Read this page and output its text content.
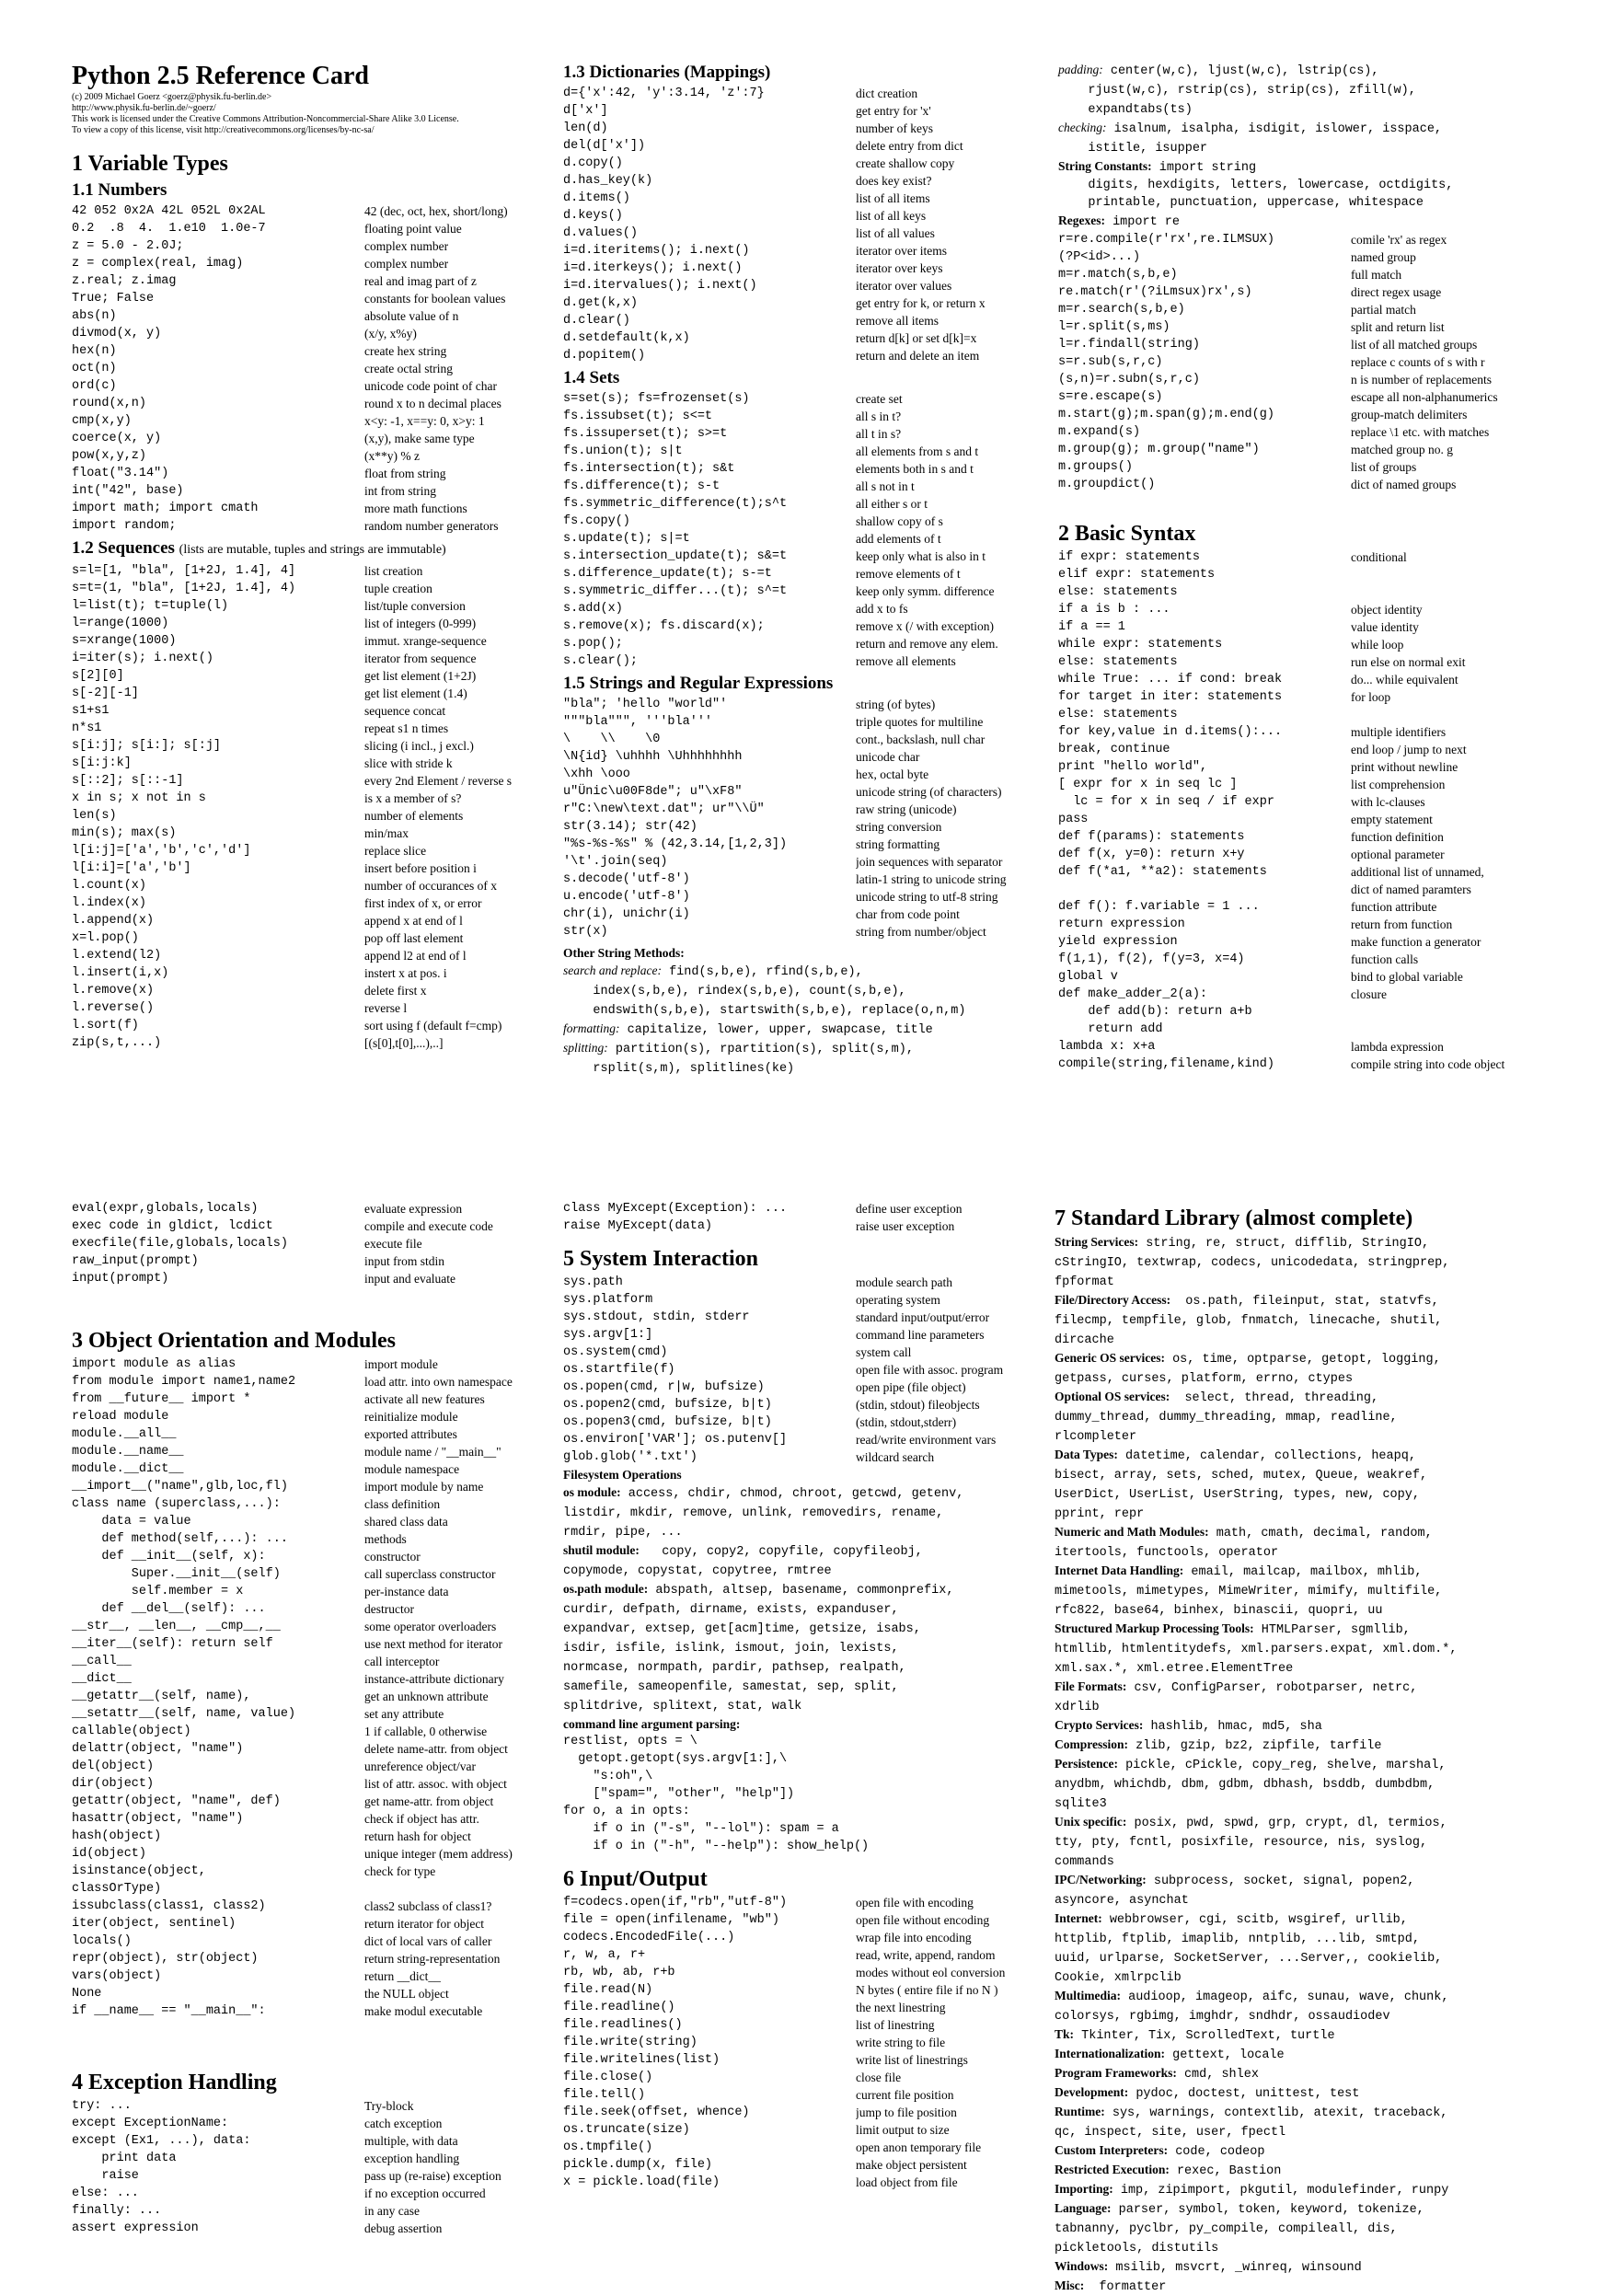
Python 2.5 Reference Card
(c) 2009 Michael Goerz <goerz@physik.fu-berlin.de>
http://www.physik.fu-berlin.de/~goerz/
This work is licensed under the Creative Commons Attribution-Noncommercial-Share Alike 3.0 License.
To view a copy of this license, visit http://creativecommons.org/licenses/by-nc-sa/
1 Variable Types
1.1 Numbers
42 052 0x2A 42L 052L 0x2AL	42 (dec, oct, hex, short/long)
0.2  .8  4.  1.e10  1.0e-7	floating point value
z = 5.0 - 2.0J;	complex number
z = complex(real, imag)	complex number
z.real; z.imag	real and imag part of z
True; False	constants for boolean values
abs(n)	absolute value of n
divmod(x, y)	(x/y, x%y)
hex(n)	create hex string
oct(n)	create octal string
ord(c)	unicode code point of char
round(x,n)	round x to n decimal places
cmp(x,y)	x<y: -1, x==y: 0, x>y: 1
coerce(x, y)	(x,y), make same type
pow(x,y,z)	(x**y) % z
float("3.14")	float from string
int("42", base)	int from string
import math; import cmath	more math functions
import random;	random number generators
1.2 Sequences (lists are mutable, tuples and strings are immutable)
s=l=[1, "bla", [1+2J, 1.4], 4]	list creation
s=t=(1, "bla", [1+2J, 1.4], 4)	tuple creation
l=list(t); t=tuple(l)	list/tuple conversion
l=range(1000)	list of integers (0-999)
s=xrange(1000)	immut. xrange-sequence
i=iter(s); i.next()	iterator from sequence
s[2][0]	get list element (1+2J)
s[-2][-1]	get list element (1.4)
s1+s1	sequence concat
n*s1	repeat s1 n times
s[i:j]; s[i:]; s[:j]	slicing (i incl., j excl.)
s[i:j:k]	slice with stride k
s[::2]; s[::-1]	every 2nd Element / reverse s
x in s; x not in s	is x a member of s?
len(s)	number of elements
min(s); max(s)	min/max
l[i:j]=['a','b','c','d']	replace slice
l[i:i]=['a','b']	insert before position i
l.count(x)	number of occurances of x
l.index(x)	first index of x, or error
l.append(x)	append x at end of l
x=l.pop()	pop off last element
l.extend(l2)	append l2 at end of l
l.insert(i,x)	instert x at pos. i
l.remove(x)	delete first x
l.reverse()	reverse l
l.sort(f)	sort using f (default f=cmp)
zip(s,t,...)	[(s[0],t[0],...),..]
1.3 Dictionaries (Mappings)
d={'x':42, 'y':3.14, 'z':7}	dict creation
d['x']	get entry for 'x'
len(d)	number of keys
del(d['x'])	delete entry from dict
d.copy()	create shallow copy
d.has_key(k)	does key exist?
d.items()	list of all items
d.keys()	list of all keys
d.values()	list of all values
i=d.iteritems(); i.next()	iterator over items
i=d.iterkeys(); i.next()	iterator over keys
i=d.itervalues(); i.next()	iterator over values
d.get(k,x)	get entry for k, or return x
d.clear()	remove all items
d.setdefault(k,x)	return d[k] or set d[k]=x
d.popitem()	return and delete an item
1.4 Sets
s=set(s); fs=frozenset(s)	create set
fs.issubset(t); s<=t	all s in t?
fs.issuperset(t); s>=t	all t in s?
fs.union(t); s|t	all elements from s and t
fs.intersection(t); s&t	elements both in s and t
fs.difference(t); s-t	all s not in t
fs.symmetric_difference(t);s^t	all either s or t
fs.copy()	shallow copy of s
s.update(t); s|=t	add elements of t
s.intersection_update(t); s&=t	keep only what is also in t
s.difference_update(t); s-=t	remove elements of t
s.symmetric_differ...(t); s^=t	keep only symm. difference
s.add(x)	add x to fs
s.remove(x); fs.discard(x);	remove x (/ with exception)
s.pop();	return and remove any elem.
s.clear();	remove all elements
1.5 Strings and Regular Expressions
"bla"; 'hello "world"'	string (of bytes)
"""bla""", '''bla'''	triple quotes for multiline
\    \\    \0	cont., backslash, null char
\N{id} \uhhhh \Uhhhhhhhh	unicode char
\xhh \ooo	hex, octal byte
u"Ünic\u00F8de"; u"\xF8"	unicode string (of characters)
r"C:\new\text.dat"; ur"\\Ü"	raw string (unicode)
str(3.14); str(42)	string conversion
"%s-%s-%s" % (42,3.14,[1,2,3])	string formatting
'\t'.join(seq)	join sequences with separator
s.decode('utf-8')	latin-1 string to unicode string
u.encode('utf-8')	unicode string to utf-8 string
chr(i), unichr(i)	char from code point
str(x)	string from number/object
Other String Methods:
search and replace: find(s,b,e), rfind(s,b,e),
index(s,b,e), rindex(s,b,e), count(s,b,e),
endswith(s,b,e), startswith(s,b,e), replace(o,n,m)
formatting: capitalize, lower, upper, swapcase, title
splitting: partition(s), rpartition(s), split(s,m),
rsplit(s,m), splitlines(ke)
padding: center(w,c), ljust(w,c), lstrip(cs),
rjust(w,c), rstrip(cs), strip(cs), zfill(w),
expandtabs(ts)
checking: isalnum, isalpha, isdigit, islower, isspace,
istitle, isupper
String Constants: import string
digits, hexdigits, letters, lowercase, octdigits,
printable, punctuation, uppercase, whitespace
Regexes: import re
r=re.compile(r'rx',re.ILMSUX)	comile 'rx' as regex
(?P<id>...)	named group
m=r.match(s,b,e)	full match
re.match(r'(?iLmsux)rx',s)	direct regex usage
m=r.search(s,b,e)	partial match
l=r.split(s,ms)	split and return list
l=r.findall(string)	list of all matched groups
s=r.sub(s,r,c)	replace c counts of s with r
(s,n)=r.subn(s,r,c)	n is number of replacements
s=re.escape(s)	escape all non-alphanumerics
m.start(g);m.span(g);m.end(g)	group-match delimiters
m.expand(s)	replace \1 etc. with matches
m.group(g); m.group("name")	matched group no. g
m.groups()	list of groups
m.groupdict()	dict of named groups
2 Basic Syntax
if expr: statements	conditional
elif expr: statements
else: statements
if a is b : ...	object identity
if a == 1	value identity
while expr: statements	while loop
else: statements	run else on normal exit
while True: ... if cond: break	do... while equivalent
for target in iter: statements	for loop
else: statements
for key,value in d.items():...	multiple identifiers
break, continue	end loop / jump to next
print "hello world",	print without newline
[ expr for x in seq lc ]	list comprehension
lc = for x in seq / if expr	with lc-clauses
pass	empty statement
def f(params): statements	function definition
def f(x, y=0): return x+y	optional parameter
def f(*a1, **a2): statements	additional list of unnamed,
dict of named paramters
def f(): f.variable = 1 ...	function attribute
return expression	return from function
yield expression	make function a generator
f(1,1), f(2), f(y=3, x=4)	function calls
global v	bind to global variable
def make_adder_2(a):	closure
def add(b): return a+b
return add
lambda x: x+a	lambda expression
compile(string,filename,kind)	compile string into code object
eval(expr,globals,locals)	evaluate expression
exec code in gldict, lcdict	compile and execute code
execfile(file,globals,locals)	execute file
raw_input(prompt)	input from stdin
input(prompt)	input and evaluate
3 Object Orientation and Modules
import module as alias	import module
from module import name1,name2	load attr. into own namespace
from __future__ import *	activate all new features
reload module	reinitialize module
module.__all__	exported attributes
module.__name__	module name / "__main__"
module.__dict__	module namespace
__import__("name",glb,loc,fl)	import module by name
class name (superclass,...):	class definition
data = value	shared class data
def method(self,...): ...	methods
def __init__(self, x):	constructor
Super.__init__(self)	call superclass constructor
self.member = x	per-instance data
def __del__(self): ...	destructor
__str__, __len__, __cmp__,__	some operator overloaders
__iter__(self): return self	use next method for iterator
__call__	call interceptor
__dict__	instance-attribute dictionary
__getattr__(self, name),	get an unknown attribute
__setattr__(self, name, value)	set any attribute
callable(object)	1 if callable, 0 otherwise
delattr(object, "name")	delete name-attr. from object
del(object)	unreference object/var
dir(object)	list of attr. assoc. with object
getattr(object, "name", def)	get name-attr. from object
hasattr(object, "name")	check if object has attr.
hash(object)	return hash for object
id(object)	unique integer (mem address)
isinstance(object,	check for type
classOrType)
issubclass(class1, class2)	class2 subclass of class1?
iter(object, sentinel)	return iterator for object
locals()	dict of local vars of caller
repr(object), str(object)	return string-representation
vars(object)	return __dict__
None	the NULL object
if __name__ == "__main__":	make modul executable
4 Exception Handling
try: ...	Try-block
except ExceptionName:	catch exception
except (Ex1, ...), data:	multiple, with data
print data	exception handling
raise	pass up (re-raise) exception
else: ...	if no exception occurred
finally: ...	in any case
assert expression	debug assertion
class MyExcept(Exception): ...	define user exception
raise MyExcept(data)	raise user exception
5 System Interaction
sys.path	module search path
sys.platform	operating system
sys.stdout, stdin, stderr	standard input/output/error
sys.argv[1:]	command line parameters
os.system(cmd)	system call
os.startfile(f)	open file with assoc. program
os.popen(cmd, r|w, bufsize)	open pipe (file object)
os.popen2(cmd, bufsize, b|t)	(stdin, stdout) fileobjects
os.popen3(cmd, bufsize, b|t)	(stdin, stdout,stderr)
os.environ['VAR']; os.putenv[]	read/write environment vars
glob.glob('*.txt')	wildcard search
Filesystem Operations
os module: access, chdir, chmod, chroot, getcwd, getenv,
listdir, mkdir, remove, unlink, removedirs, rename,
rmdir, pipe, ...
shutil module:   copy, copy2, copyfile, copyfileobj,
copymode, copystat, copytree, rmtree
os.path module: abspath, altsep, basename, commonprefix,
curdir, defpath, dirname, exists, expanduser,
expandvar, extsep, get[acm]time, getsize, isabs,
isdir, isfile, islink, ismout, join, lexists,
normcase, normpath, pardir, pathsep, realpath,
samefile, sameopenfile, samestat, sep, split,
splitdrive, splitext, stat, walk
command line argument parsing:
restlist, opts = \
getopt.getopt(sys.argv[1:],\
"s:oh",\
["spam=", "other", "help"])
for o, a in opts:
if o in ("-s", "--lol"): spam = a
if o in ("-h", "--help"): show_help()
6 Input/Output
f=codecs.open(if,"rb","utf-8")	open file with encoding
file = open(infilename, "wb")	open file without encoding
codecs.EncodedFile(...)	wrap file into encoding
r, w, a, r+	read, write, append, random
rb, wb, ab, r+b	modes without eol conversion
file.read(N)	N bytes ( entire file if no N )
file.readline()	the next linestring
file.readlines()	list of linestring
file.write(string)	write string to file
file.writelines(list)	write list of linestrings
file.close()	close file
file.tell()	current file position
file.seek(offset, whence)	jump to file position
os.truncate(size)	limit output to size
os.tmpfile()	open anon temporary file
pickle.dump(x, file)	make object persistent
x = pickle.load(file)	load object from file
7 Standard Library (almost complete)
String Services: string, re, struct, difflib, StringIO,
cStringIO, textwrap, codecs, unicodedata, stringprep,
fpformat
File/Directory Access:  os.path, fileinput, stat, statvfs,
filecmp, tempfile, glob, fnmatch, linecache, shutil,
dircache
Generic OS services: os, time, optparse, getopt, logging,
getpass, curses, platform, errno, ctypes
Optional OS services:  select, thread, threading,
dummy_thread, dummy_threading, mmap, readline,
rlcompleter
Data Types: datetime, calendar, collections, heapq,
bisect, array, sets, sched, mutex, Queue, weakref,
UserDict, UserList, UserString, types, new, copy,
pprint, repr
Numeric and Math Modules: math, cmath, decimal, random,
itertools, functools, operator
Internet Data Handling: email, mailcap, mailbox, mhlib,
mimetools, mimetypes, MimeWriter, mimify, multifile,
rfc822, base64, binhex, binascii, quopri, uu
Structured Markup Processing Tools: HTMLParser, sgmllib,
htmllib, htmlentitydefs, xml.parsers.expat, xml.dom.*,
xml.sax.*, xml.etree.ElementTree
File Formats: csv, ConfigParser, robotparser, netrc,
xdrlib
Crypto Services: hashlib, hmac, md5, sha
Compression: zlib, gzip, bz2, zipfile, tarfile
Persistence: pickle, cPickle, copy_reg, shelve, marshal,
anydbm, whichdb, dbm, gdbm, dbhash, bsddb, dumbdbm,
sqlite3
Unix specific: posix, pwd, spwd, grp, crypt, dl, termios,
tty, pty, fcntl, posixfile, resource, nis, syslog,
commands
IPC/Networking: subprocess, socket, signal, popen2,
asyncore, asynchat
Internet: webbrowser, cgi, scitb, wsgiref, urllib,
httplib, ftplib, imaplib, nntplib, ...lib, smtpd,
uuid, urlparse, SocketServer, ...Server,, cookielib,
Cookie, xmlrpclib
Multimedia: audioop, imageop, aifc, sunau, wave, chunk,
colorsys, rgbimg, imghdr, sndhdr, ossaudiodev
Tk: Tkinter, Tix, ScrolledText, turtle
Internationalization: gettext, locale
Program Frameworks: cmd, shlex
Development: pydoc, doctest, unittest, test
Runtime: sys, warnings, contextlib, atexit, traceback,
qc, inspect, site, user, fpectl
Custom Interpreters: code, codeop
Restricted Execution: rexec, Bastion
Importing: imp, zipimport, pkgutil, modulefinder, runpy
Language: parser, symbol, token, keyword, tokenize,
tabnanny, pyclbr, py_compile, compileall, dis,
pickletools, distutils
Windows: msilib, msvcrt, _winreq, winsound
Misc:  formatter
